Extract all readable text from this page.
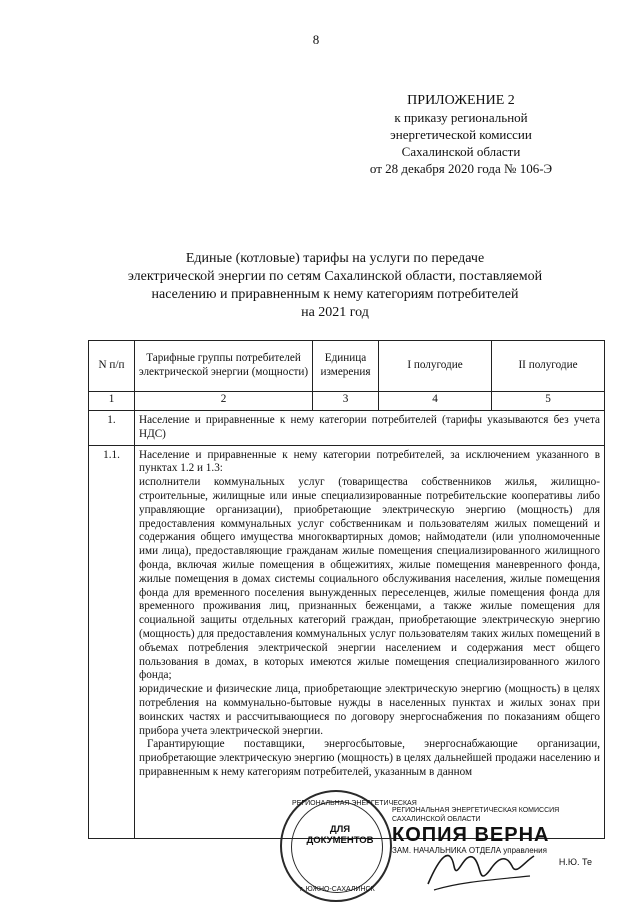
8
ПРИЛОЖЕНИЕ 2
к приказу региональной
энергетической комиссии
Сахалинской области
от 28 декабря 2020 года № 106-Э
Единые (котловые) тарифы на услуги по передаче
электрической энергии по сетям Сахалинской области, поставляемой
населению и приравненным к нему категориям потребителей
на 2021 год
N п/п	Тарифные группы потребителей электрической энергии (мощности)	Единица измерения	I полугодие	II полугодие
1	2	3	4	5
1.	Население и приравненные к нему категории потребителей (тарифы указываются без учета НДС)			

1.1.	Население и приравненные к нему категории потребителей, за исключением указанного в пунктах 1.2 и 1.3:

исполнители коммунальных услуг (товарищества собственников жилья, жилищно-строительные, жилищные или иные специализированные потребительские кооперативы либо управляющие организации), приобретающие электрическую энергию (мощность) для предоставления коммунальных услуг собственникам и пользователям жилых помещений и содержания общего имущества многоквартирных домов; наймодатели (или уполномоченные ими лица), предоставляющие гражданам жилые помещения специализированного жилищного фонда, включая жилые помещения в общежитиях, жилые помещения маневренного фонда, жилые помещения в домах системы социального обслуживания населения, жилые помещения фонда для временного поселения вынужденных переселенцев, жилые помещения фонда для временного проживания лиц, признанных беженцами, а также жилые помещения для социальной защиты отдельных категорий граждан, приобретающие электрическую энергию (мощность) для предоставления коммунальных услуг пользователям таких жилых помещений в объемах потребления электрической энергии населением и содержания мест общего пользования в домах, в которых имеются жилые помещения специализированного жилого фонда;

юридические и физические лица, приобретающие электрическую энергию (мощность) в целях потребления на коммунально-бытовые нужды в населенных пунктах и жилых зонах при воинских частях и рассчитывающиеся по договору энергоснабжения по показаниям общего прибора учета электрической энергии.

Гарантирующие поставщики, энергосбытовые, энергоснабжающие организации, приобретающие электрическую энергию (мощность) в целях дальнейшей продажи населению и приравненным к нему категориям потребителей, указанным в данном			

РЕГИОНАЛЬНАЯ ЭНЕРГЕТИЧЕСКАЯ
г. ЮЖНО-САХАЛИНСК
ДЛЯ
ДОКУМЕНТОВ
РЕГИОНАЛЬНАЯ ЭНЕРГЕТИЧЕСКАЯ КОМИССИЯ САХАЛИНСКОЙ ОБЛАСТИ
КОПИЯ ВЕРНА
ЗАМ. НАЧАЛЬНИКА ОТДЕЛА управления
Н.Ю. Те
